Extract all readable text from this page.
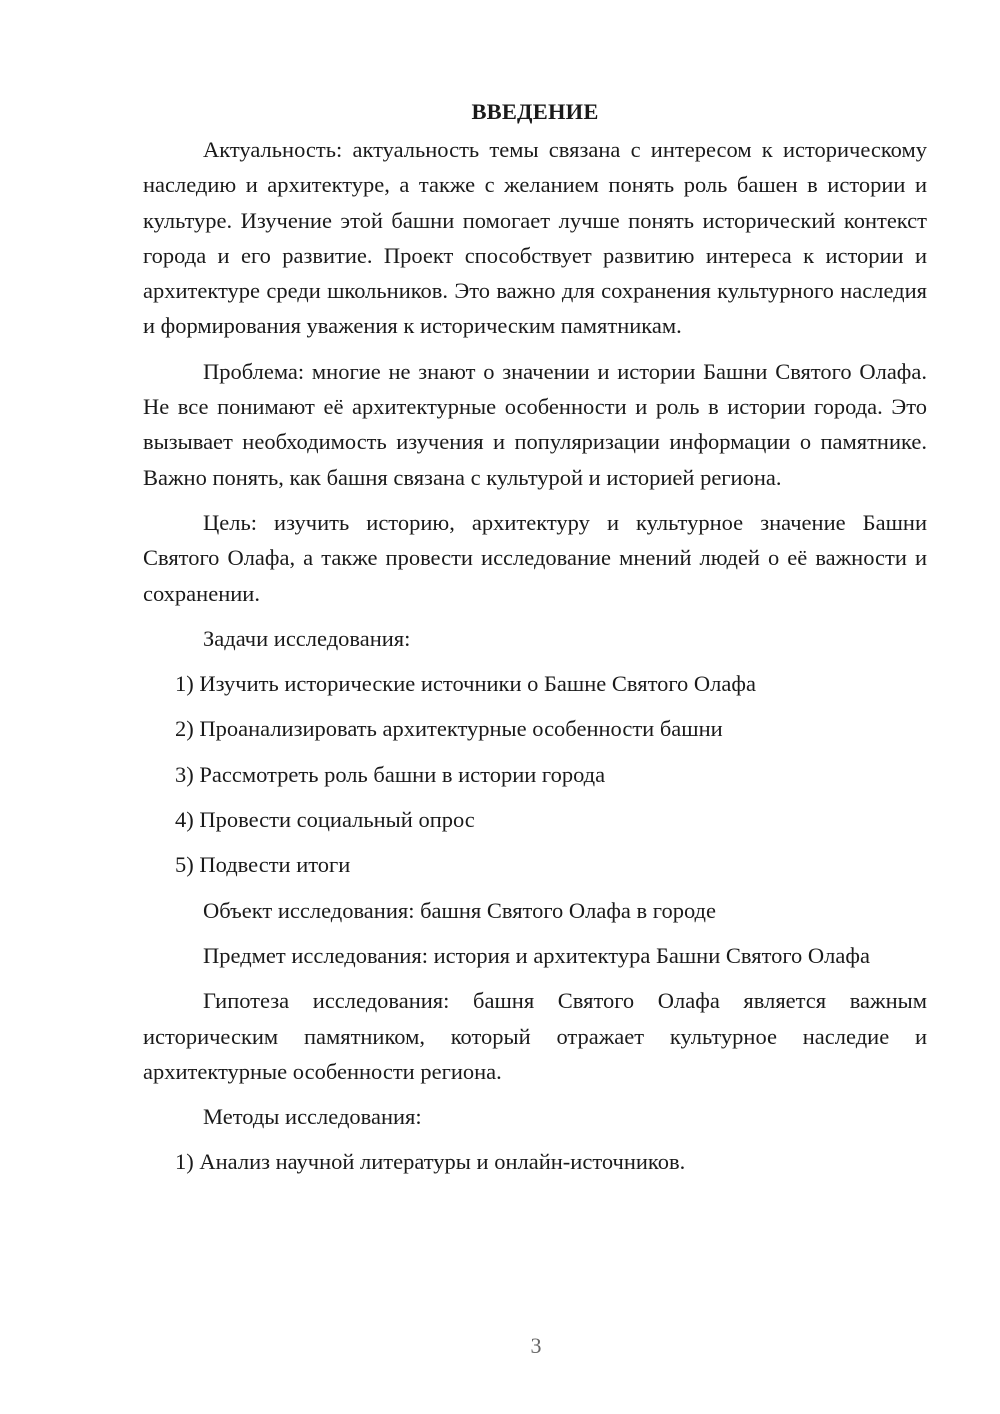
ВВЕДЕНИЕ

Актуальность: актуальность темы связана с интересом к историческому наследию и архитектуре, а также с желанием понять роль башен в истории и культуре. Изучение этой башни помогает лучше понять исторический контекст города и его развитие. Проект способствует развитию интереса к истории и архитектуре среди школьников. Это важно для сохранения культурного наследия и формирования уважения к историческим памятникам.

Проблема: многие не знают о значении и истории Башни Святого Олафа. Не все понимают её архитектурные особенности и роль в истории города. Это вызывает необходимость изучения и популяризации информации о памятнике. Важно понять, как башня связана с культурой и историей региона.

Цель: изучить историю, архитектуру и культурное значение Башни Святого Олафа, а также провести исследование мнений людей о её важности и сохранении.

Задачи исследования:
1) Изучить исторические источники о Башне Святого Олафа
2) Проанализировать архитектурные особенности башни
3) Рассмотреть роль башни в истории города
4) Провести социальный опрос
5) Подвести итоги
Объект исследования: башня Святого Олафа в городе

Предмет исследования: история и архитектура Башни Святого Олафа

Гипотеза исследования: башня Святого Олафа является важным историческим памятником, который отражает культурное наследие и архитектурные особенности региона.

Методы исследования:
1) Анализ научной литературы и онлайн-источников.
3
